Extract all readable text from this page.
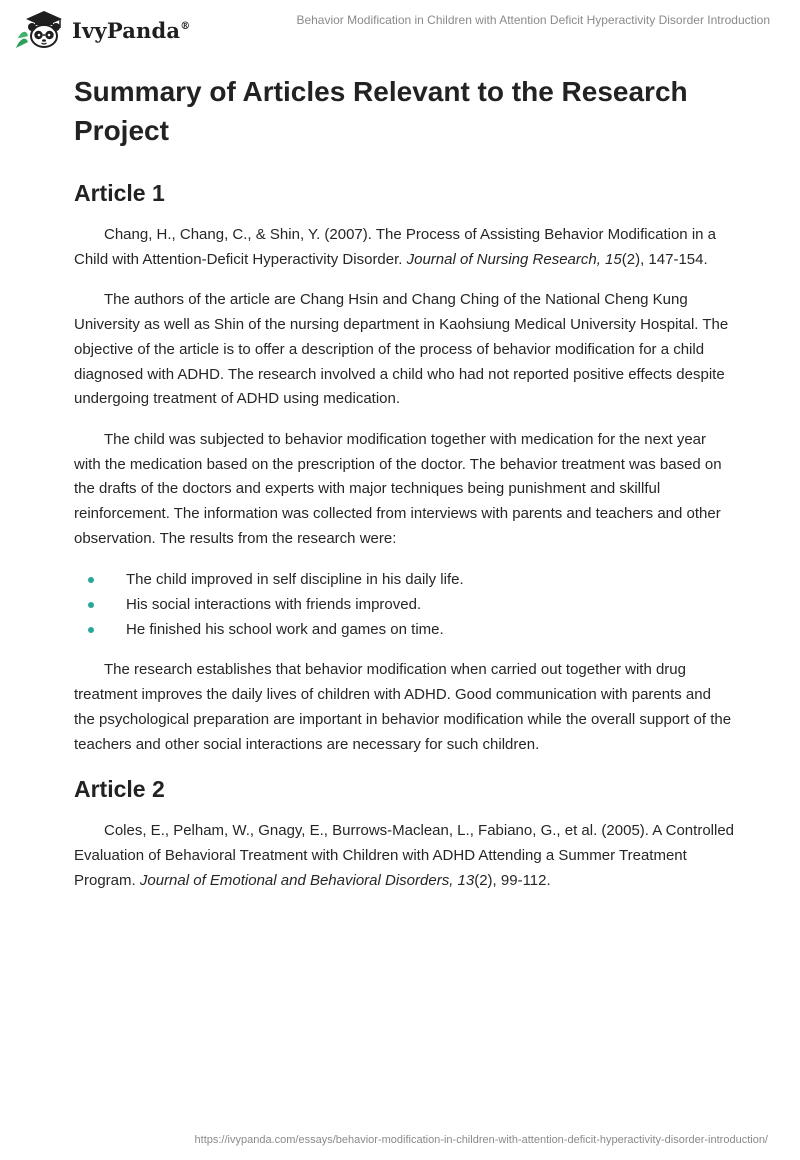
IvyPanda®	Behavior Modification in Children with Attention Deficit Hyperactivity Disorder Introduction
Summary of Articles Relevant to the Research Project
Article 1

Chang, H., Chang, C., & Shin, Y. (2007). The Process of Assisting Behavior Modification in a Child with Attention-Deficit Hyperactivity Disorder. Journal of Nursing Research, 15(2), 147-154.

The authors of the article are Chang Hsin and Chang Ching of the National Cheng Kung University as well as Shin of the nursing department in Kaohsiung Medical University Hospital. The objective of the article is to offer a description of the process of behavior modification for a child diagnosed with ADHD. The research involved a child who had not reported positive effects despite undergoing treatment of ADHD using medication.

The child was subjected to behavior modification together with medication for the next year with the medication based on the prescription of the doctor. The behavior treatment was based on the drafts of the doctors and experts with major techniques being punishment and skillful reinforcement. The information was collected from interviews with parents and teachers and other observation. The results from the research were:

The child improved in self discipline in his daily life.
His social interactions with friends improved.
He finished his school work and games on time.

The research establishes that behavior modification when carried out together with drug treatment improves the daily lives of children with ADHD. Good communication with parents and the psychological preparation are important in behavior modification while the overall support of the teachers and other social interactions are necessary for such children.

Article 2

Coles, E., Pelham, W., Gnagy, E., Burrows-Maclean, L., Fabiano, G., et al. (2005). A Controlled Evaluation of Behavioral Treatment with Children with ADHD Attending a Summer Treatment Program. Journal of Emotional and Behavioral Disorders, 13(2), 99-112.

https://ivypanda.com/essays/behavior-modification-in-children-with-attention-deficit-hyperactivity-disorder-introduction/
